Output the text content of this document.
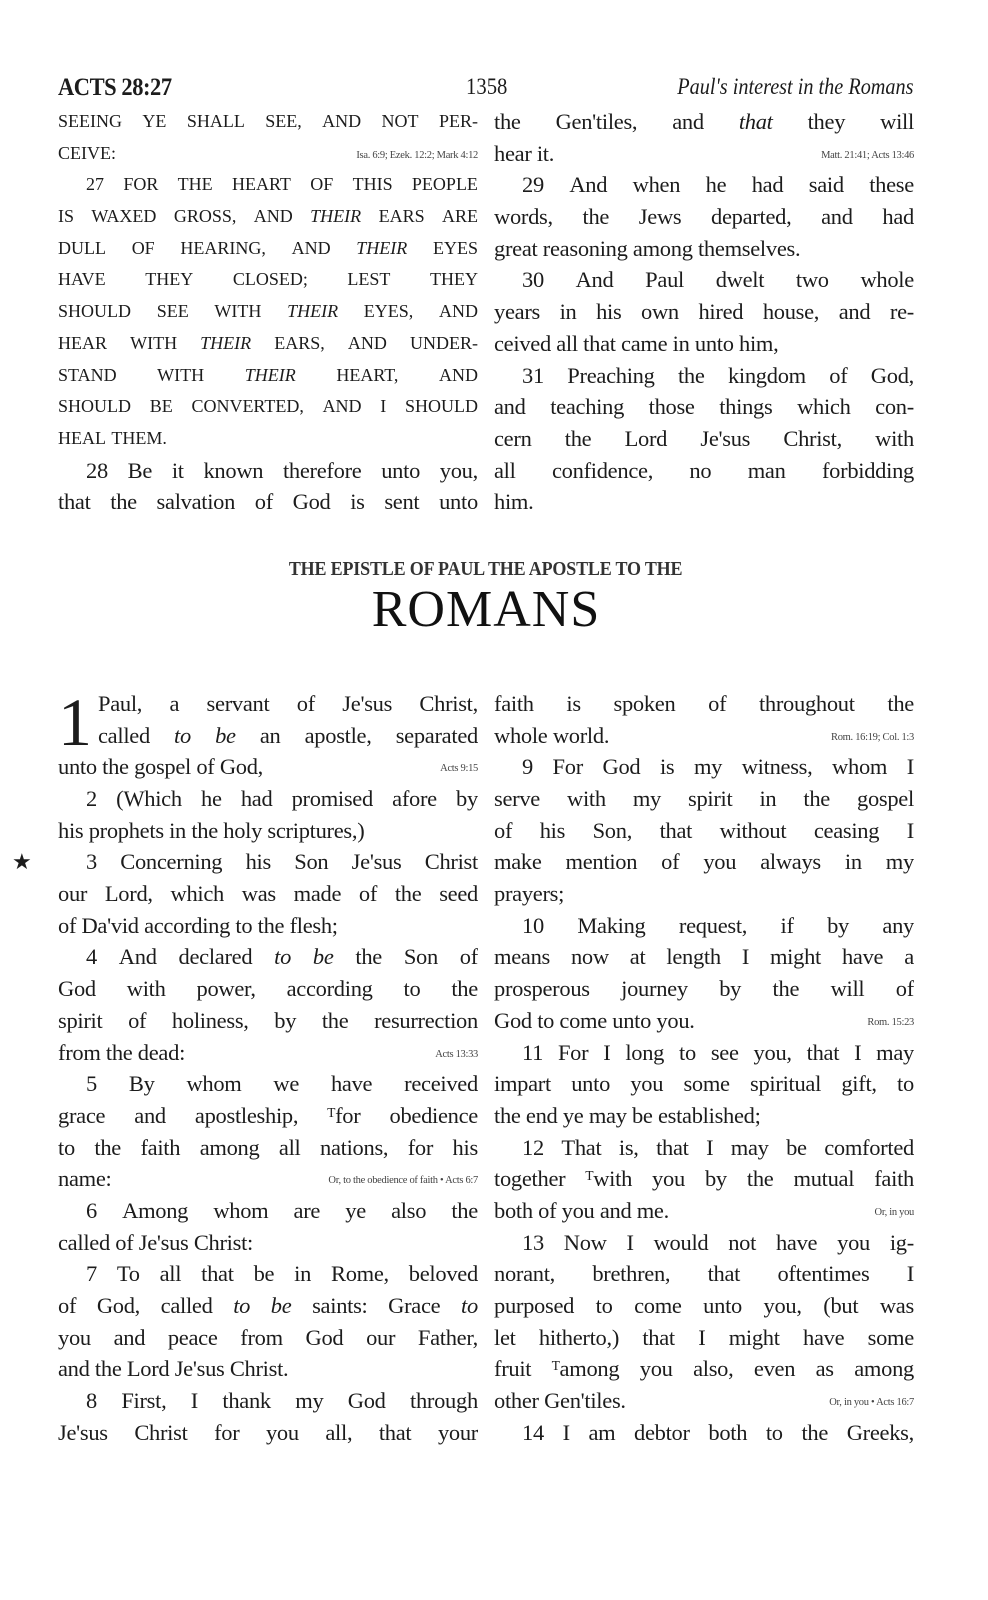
ACTS 28:27	1358	Paul's interest in the Romans
SEEING YE SHALL SEE, AND NOT PER-
CEIVE:	Isa. 6:9; Ezek. 12:2; Mark 4:12
27 FOR THE HEART OF THIS PEOPLE
IS WAXED GROSS, AND THEIR EARS ARE
DULL OF HEARING, AND THEIR EYES
HAVE THEY CLOSED; LEST THEY
SHOULD SEE WITH THEIR EYES, AND
HEAR WITH THEIR EARS, AND UNDER-
STAND WITH THEIR HEART, AND
SHOULD BE CONVERTED, AND I SHOULD
HEAL
THEM.
28 Be it known therefore unto you,
that the salvation of God is sent unto
the Gen'tiles, and that they will
hear
it.	Matt. 21:41; Acts 13:46
29 And when he had said these
words, the Jews departed, and had
great
reasoning
among
themselves.
30 And Paul dwelt two whole
years in his own hired house, and re-
ceived
all
that
came
in
unto
him,
31 Preaching the kingdom of God,
and teaching those things which con-
cern the Lord Je'sus Christ, with
all confidence, no man forbidding
him.
THE EPISTLE OF PAUL THE APOSTLE TO THE
ROMANS
1 Paul, a servant of Je'sus Christ,
called to be an apostle, separated
unto
the
gospel
of
God,	Acts 9:15
2 (Which he had promised afore by
his
prophets
in
the
holy
scriptures,)
★ 3 Concerning his Son Je'sus Christ
our Lord, which was made of the seed
of
Da'vid
according
to
the
flesh;
4 And declared to be the Son of
God with power, according to the
spirit of holiness, by the resurrection
from
the
dead:	Acts 13:33
5 By whom we have received
grace and apostleship, ᵀfor obedience
to the faith among all nations, for his
name:	Or, to the obedience of faith • Acts 6:7
6 Among whom are ye also the
called
of
Je'sus
Christ:
7 To all that be in Rome, beloved
of God, called to be saints: Grace to
you and peace from God our Father,
and
the
Lord
Je'sus
Christ.
8 First, I thank my God through
Je'sus Christ for you all, that your
faith is spoken of throughout the
whole
world.	Rom. 16:19; Col. 1:3
9 For God is my witness, whom I
serve with my spirit in the gospel
of his Son, that without ceasing I
make mention of you always in my
prayers;
10 Making request, if by any
means now at length I might have a
prosperous journey by the will of
God
to
come
unto
you.	Rom. 15:23
11 For I long to see you, that I may
impart unto you some spiritual gift, to
the
end
ye
may
be
established;
12 That is, that I may be comforted
together ᵀwith you by the mutual faith
both
of
you
and
me.	Or, in you
13 Now I would not have you ig-
norant, brethren, that oftentimes I
purposed to come unto you, (but was
let hitherto,) that I might have some
fruit ᵀamong you also, even as among
other
Gen'tiles.	Or, in you • Acts 16:7
14 I am debtor both to the Greeks,
